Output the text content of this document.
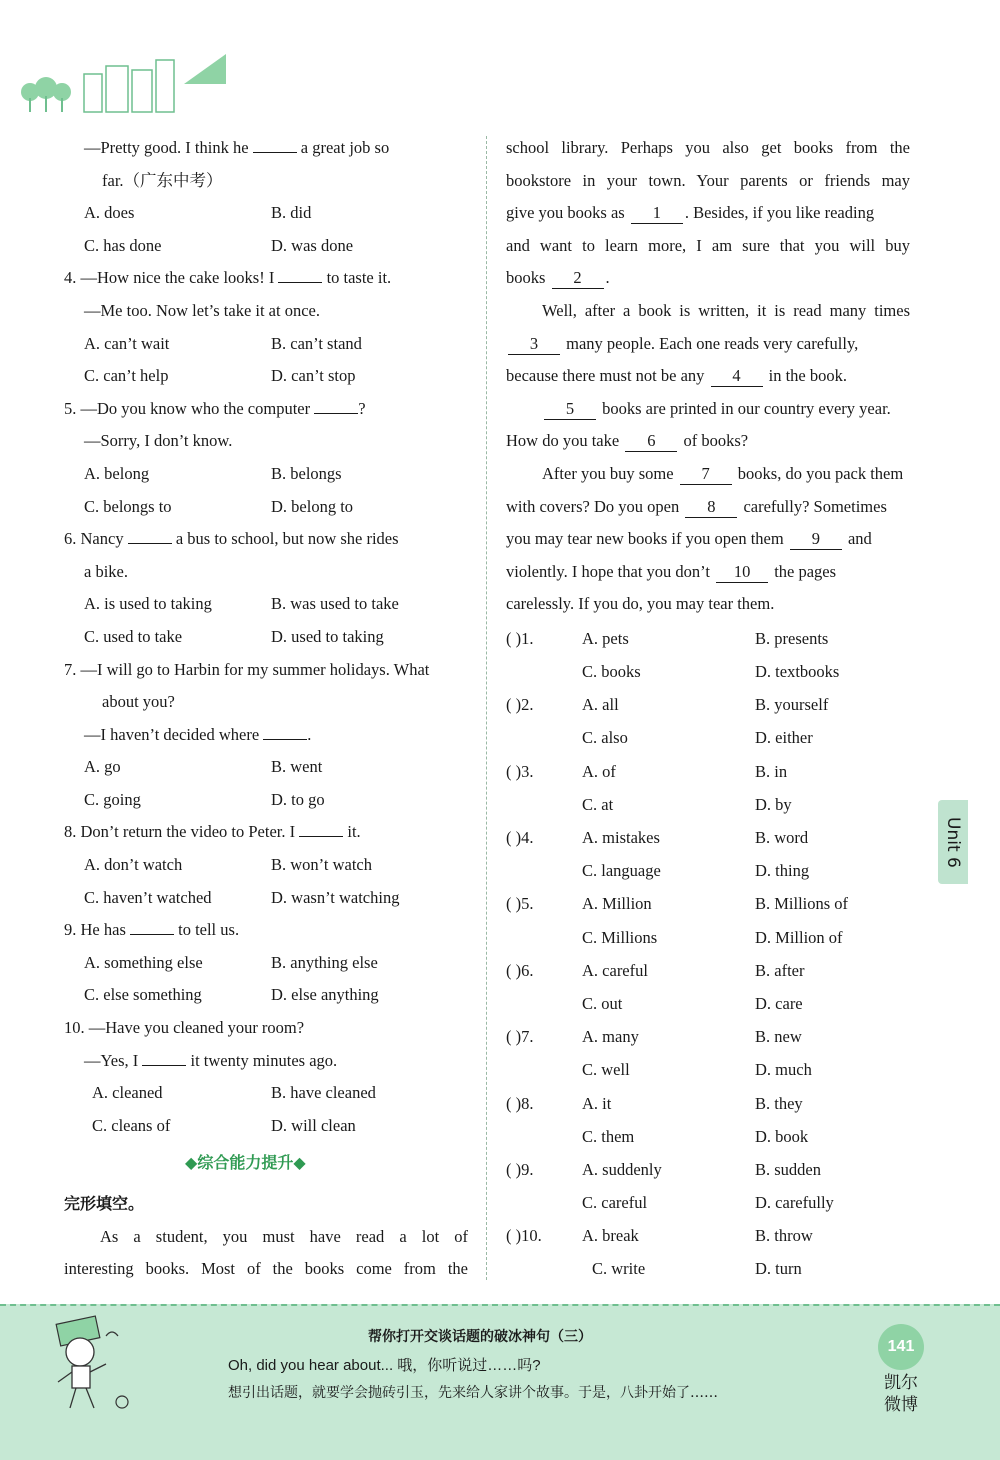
—Pretty good. I think he	a great job so
far.（广东中考）
A. does	B. did
C. has done	D. was done
4. —How nice the cake looks! I	to taste it.
—Me too. Now let’s take it at once.
A. can’t wait	B. can’t stand
C. can’t help	D. can’t stop
5. —Do you know who the computer	?
—Sorry, I don’t know.
A. belong	B. belongs
C. belongs to	D. belong to
6. Nancy	a bus to school, but now she rides
a bike.
A. is used to taking	B. was used to take
C. used to take	D. used to taking
7. —I will go to Harbin for my summer holidays. What
about you?
—I haven’t decided where	.
A. go	B. went
C. going	D. to go
8. Don’t return the video to Peter. I	it.
A. don’t watch	B. won’t watch
C. haven’t watched	D. wasn’t watching
9. He has	to tell us.
A. something else	B. anything else
C. else something	D. else anything
10. —Have you cleaned your room?
—Yes, I	it twenty minutes ago.
A. cleaned	B. have cleaned
C. cleans of	D. will clean
◆综合能力提升◆
完形填空。
As a student, you must have read a lot of
interesting books. Most of the books come from the
school library. Perhaps you also get books from the
bookstore in your town. Your parents or friends may
give you books as 1 . Besides, if you like reading
and want to learn more, I am sure that you will buy
books 2 .
Well, after a book is written, it is read many times
3 many people. Each one reads very carefully,
because there must not be any 4 in the book.
5 books are printed in our country every year.
How do you take 6 of books?
After you buy some 7 books, do you pack them
with covers? Do you open 8 carefully? Sometimes
you may tear new books if you open them 9 and
violently. I hope that you don’t 10 the pages
carelessly. If you do, you may tear them.
( )1.	A. pets	B. presents
C. books	D. textbooks
( )2.	A. all	B. yourself
C. also	D. either
( )3.	A. of	B. in
C. at	D. by
( )4.	A. mistakes	B. word
C. language	D. thing
( )5.	A. Million	B. Millions of
C. Millions	D. Million of
( )6.	A. careful	B. after
C. out	D. care
( )7.	A. many	B. new
C. well	D. much
( )8.	A. it	B. they
C. them	D. book
( )9.	A. suddenly	B. sudden
C. careful	D. carefully
( )10.	A. break	B. throw
C. write	D. turn
Unit 6
帮你打开交谈话题的破冰神句（三）
Oh, did you hear about... 哦，你听说过……吗?
想引出话题，就要学会抛砖引玉，先来给人家讲个故事。于是，八卦开始了……
141
凯尔微博
